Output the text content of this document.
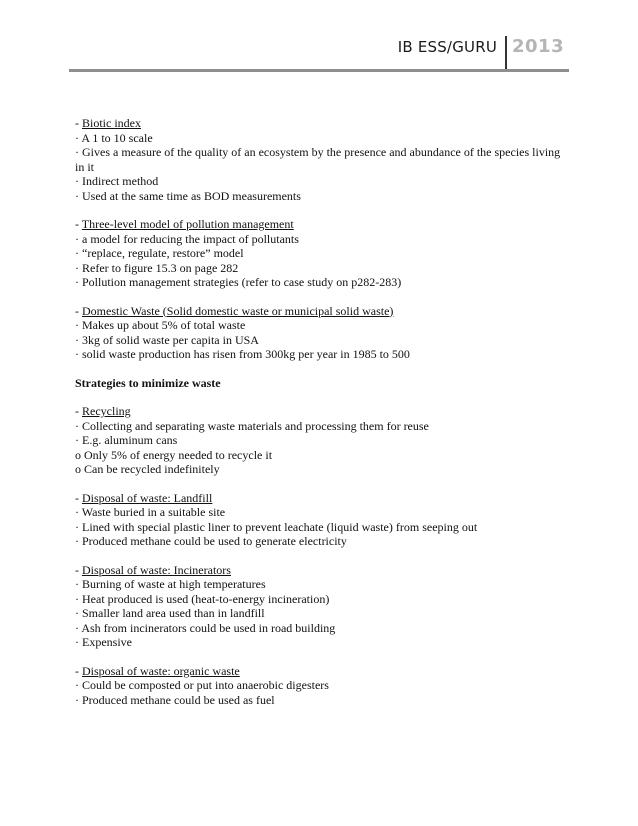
IB ESS/GURU 2013
- Biotic index
· A 1 to 10 scale
· Gives a measure of the quality of an ecosystem by the presence and abundance of the species living in it
· Indirect method
· Used at the same time as BOD measurements
- Three-level model of pollution management
· a model for reducing the impact of pollutants
· “replace, regulate, restore” model
· Refer to figure 15.3 on page 282
· Pollution management strategies (refer to case study on p282-283)
- Domestic Waste (Solid domestic waste or municipal solid waste)
· Makes up about 5% of total waste
· 3kg of solid waste per capita in USA
· solid waste production has risen from 300kg per year in 1985 to 500
Strategies to minimize waste
- Recycling
· Collecting and separating waste materials and processing them for reuse
· E.g. aluminum cans
o Only 5% of energy needed to recycle it
o Can be recycled indefinitely
- Disposal of waste: Landfill
· Waste buried in a suitable site
· Lined with special plastic liner to prevent leachate (liquid waste) from seeping out
· Produced methane could be used to generate electricity
- Disposal of waste: Incinerators
· Burning of waste at high temperatures
· Heat produced is used (heat-to-energy incineration)
· Smaller land area used than in landfill
· Ash from incinerators could be used in road building
· Expensive
- Disposal of waste: organic waste
· Could be composted or put into anaerobic digesters
· Produced methane could be used as fuel
